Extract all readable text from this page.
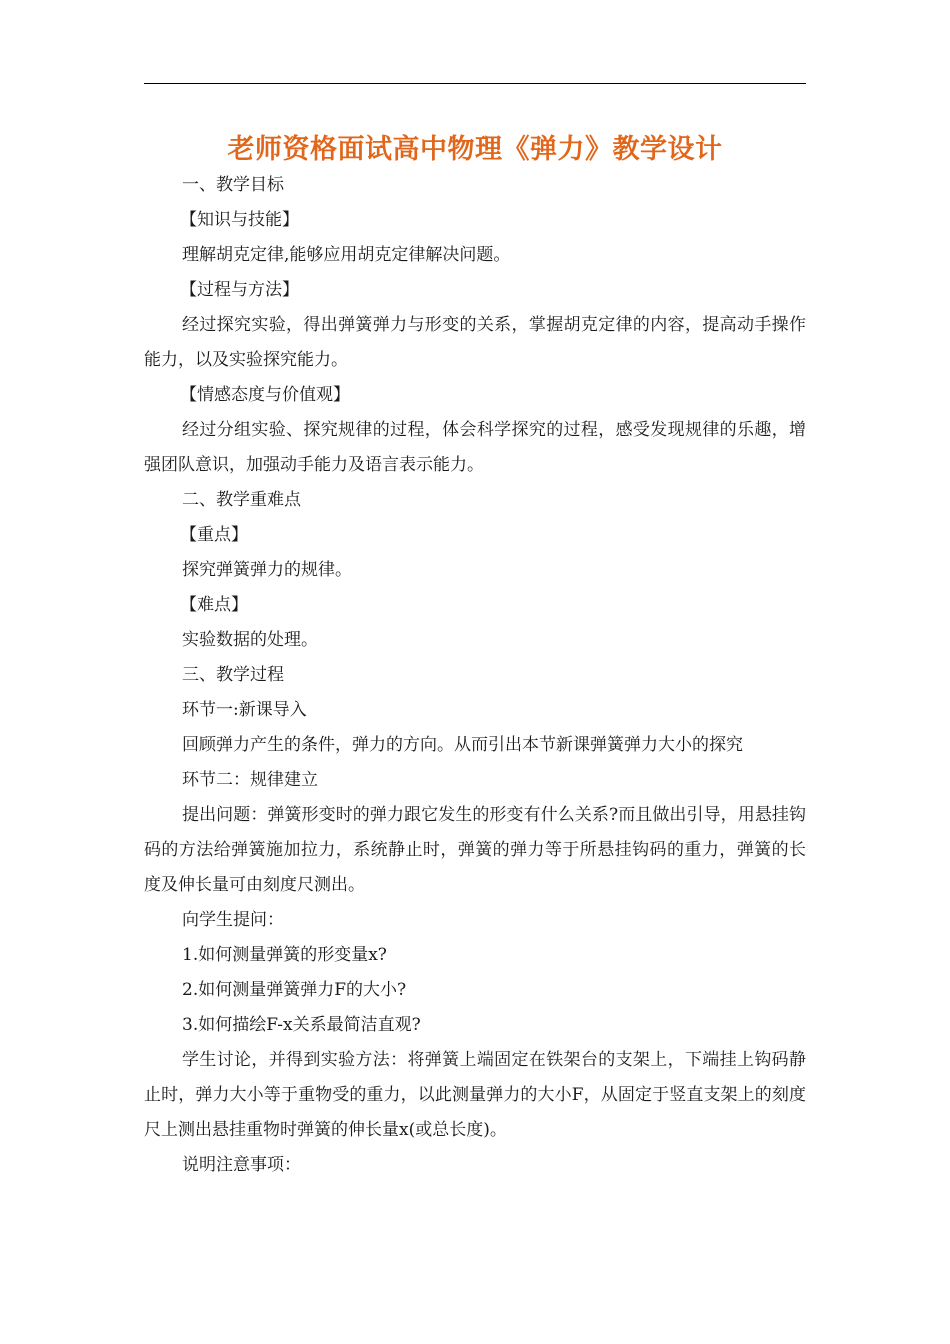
老师资格面试高中物理《弹力》教学设计

一、教学目标

【知识与技能】

理解胡克定律,能够应用胡克定律解决问题。

【过程与方法】

经过探究实验，得出弹簧弹力与形变的关系，掌握胡克定律的内容，提高动手操作能力，以及实验探究能力。

【情感态度与价值观】

经过分组实验、探究规律的过程，体会科学探究的过程，感受发现规律的乐趣，增强团队意识，加强动手能力及语言表示能力。

二、教学重难点

【重点】

探究弹簧弹力的规律。

【难点】

实验数据的处理。

三、教学过程

环节一:新课导入

回顾弹力产生的条件，弹力的方向。从而引出本节新课弹簧弹力大小的探究

环节二：规律建立

提出问题：弹簧形变时的弹力跟它发生的形变有什么关系?而且做出引导，用悬挂钩码的方法给弹簧施加拉力，系统静止时，弹簧的弹力等于所悬挂钩码的重力，弹簧的长度及伸长量可由刻度尺测出。

向学生提问：

1.如何测量弹簧的形变量x?

2.如何测量弹簧弹力F的大小?

3.如何描绘F-x关系最简洁直观?

学生讨论，并得到实验方法：将弹簧上端固定在铁架台的支架上，下端挂上钩码静止时，弹力大小等于重物受的重力，以此测量弹力的大小F，从固定于竖直支架上的刻度尺上测出悬挂重物时弹簧的伸长量x(或总长度)。

说明注意事项：
